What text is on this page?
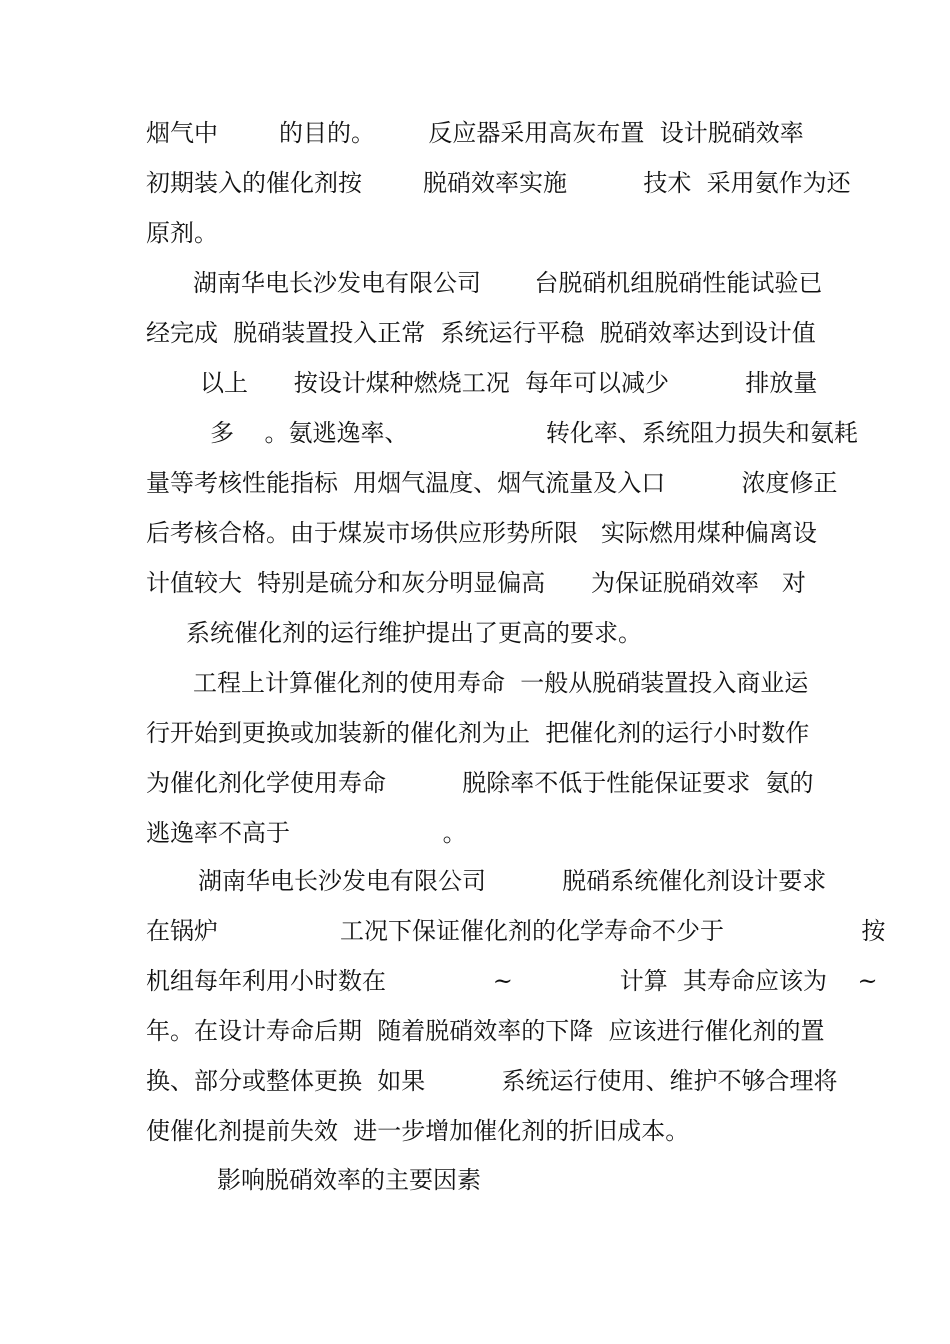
烟气中        的目的。       反应器采用高灰布置  设计脱硝效率
初期装入的催化剂按        脱硝效率实施          技术  采用氨作为还
原剂。
湖南华电长沙发电有限公司       台脱硝机组脱硝性能试验已
经完成  脱硝装置投入正常  系统运行平稳  脱硝效率达到设计值
以上      按设计煤种燃烧工况  每年可以减少          排放量
多    。氨逃逸率、                  转化率、系统阻力损失和氨耗
量等考核性能指标  用烟气温度、烟气流量及入口          浓度修正
后考核合格。由于煤炭市场供应形势所限   实际燃用煤种偏离设
计值较大  特别是硫分和灰分明显偏高      为保证脱硝效率   对
系统催化剂的运行维护提出了更高的要求。
工程上计算催化剂的使用寿命  一般从脱硝装置投入商业运
行开始到更换或加装新的催化剂为止  把催化剂的运行小时数作
为催化剂化学使用寿命          脱除率不低于性能保证要求  氨的
逃逸率不高于                    。
湖南华电长沙发电有限公司          脱硝系统催化剂设计要求
在锅炉                工况下保证催化剂的化学寿命不少于                  按
机组每年利用小时数在              ~              计算  其寿命应该为    ~
年。在设计寿命后期  随着脱硝效率的下降  应该进行催化剂的置
换、部分或整体更换  如果          系统运行使用、维护不够合理将
使催化剂提前失效  进一步增加催化剂的折旧成本。
影响脱硝效率的主要因素
